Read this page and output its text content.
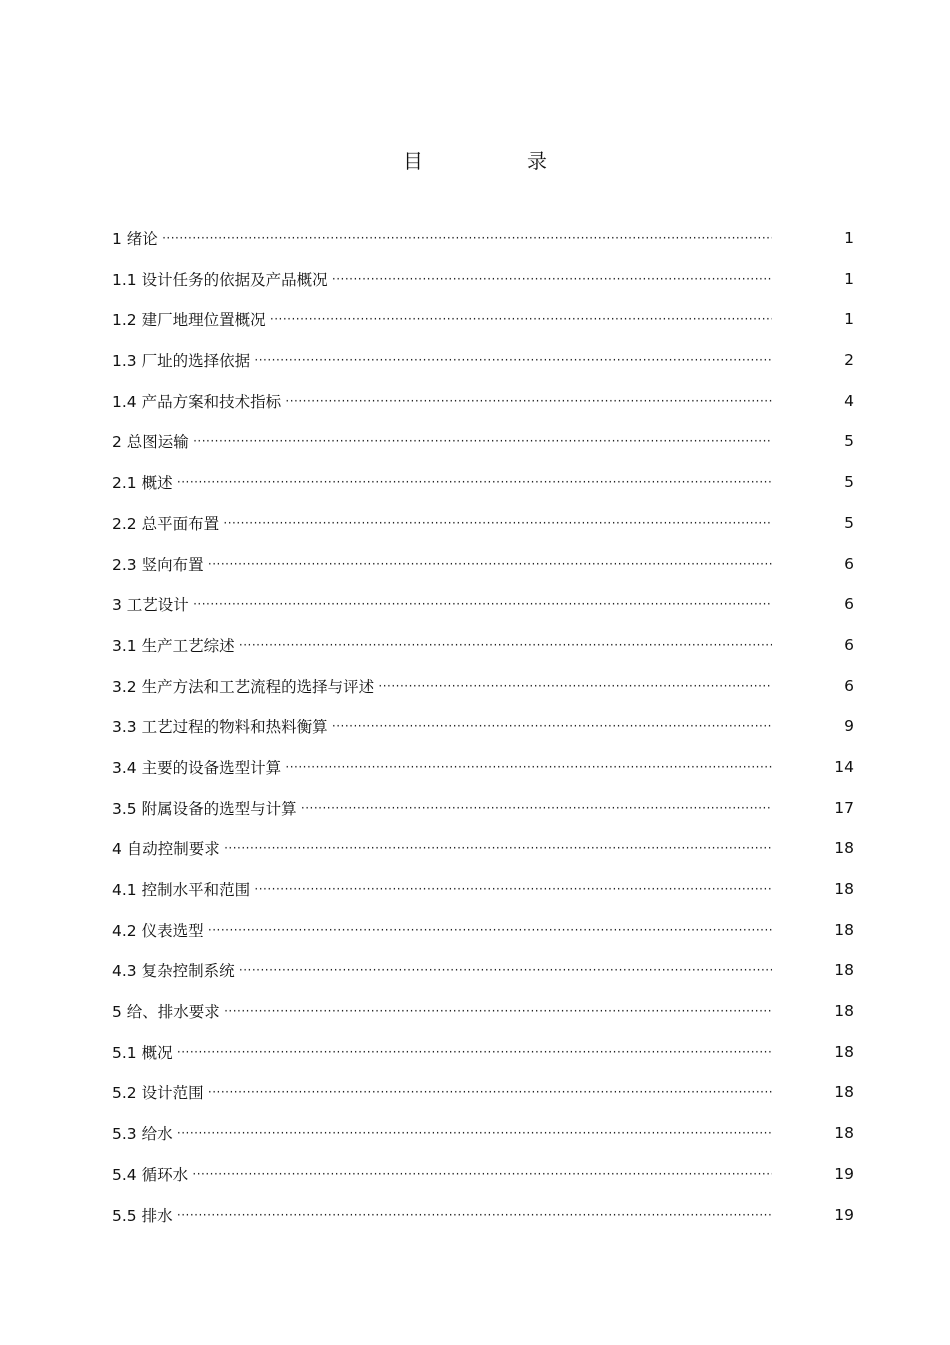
目　录
1 绪论 ·····	1
1.1 设计任务的依据及产品概况 ·····	1
1.2 建厂地理位置概况 ·····	1
1.3 厂址的选择依据 ·····	2
1.4 产品方案和技术指标 ·····	4
2 总图运输 ·····	5
2.1 概述 ·····	5
2.2 总平面布置 ·····	5
2.3 竖向布置 ·····	6
3 工艺设计 ·····	6
3.1 生产工艺综述 ·····	6
3.2 生产方法和工艺流程的选择与评述 ·····	6
3.3 工艺过程的物料和热料衡算 ·····	9
3.4 主要的设备选型计算 ·····	14
3.5 附属设备的选型与计算 ·····	17
4 自动控制要求 ·····	18
4.1 控制水平和范围 ·····	18
4.2 仪表选型 ·····	18
4.3 复杂控制系统 ·····	18
5 给、排水要求 ·····	18
5.1 概况 ·····	18
5.2 设计范围 ·····	18
5.3 给水 ·····	18
5.4 循环水 ·····	19
5.5 排水 ·····	19
